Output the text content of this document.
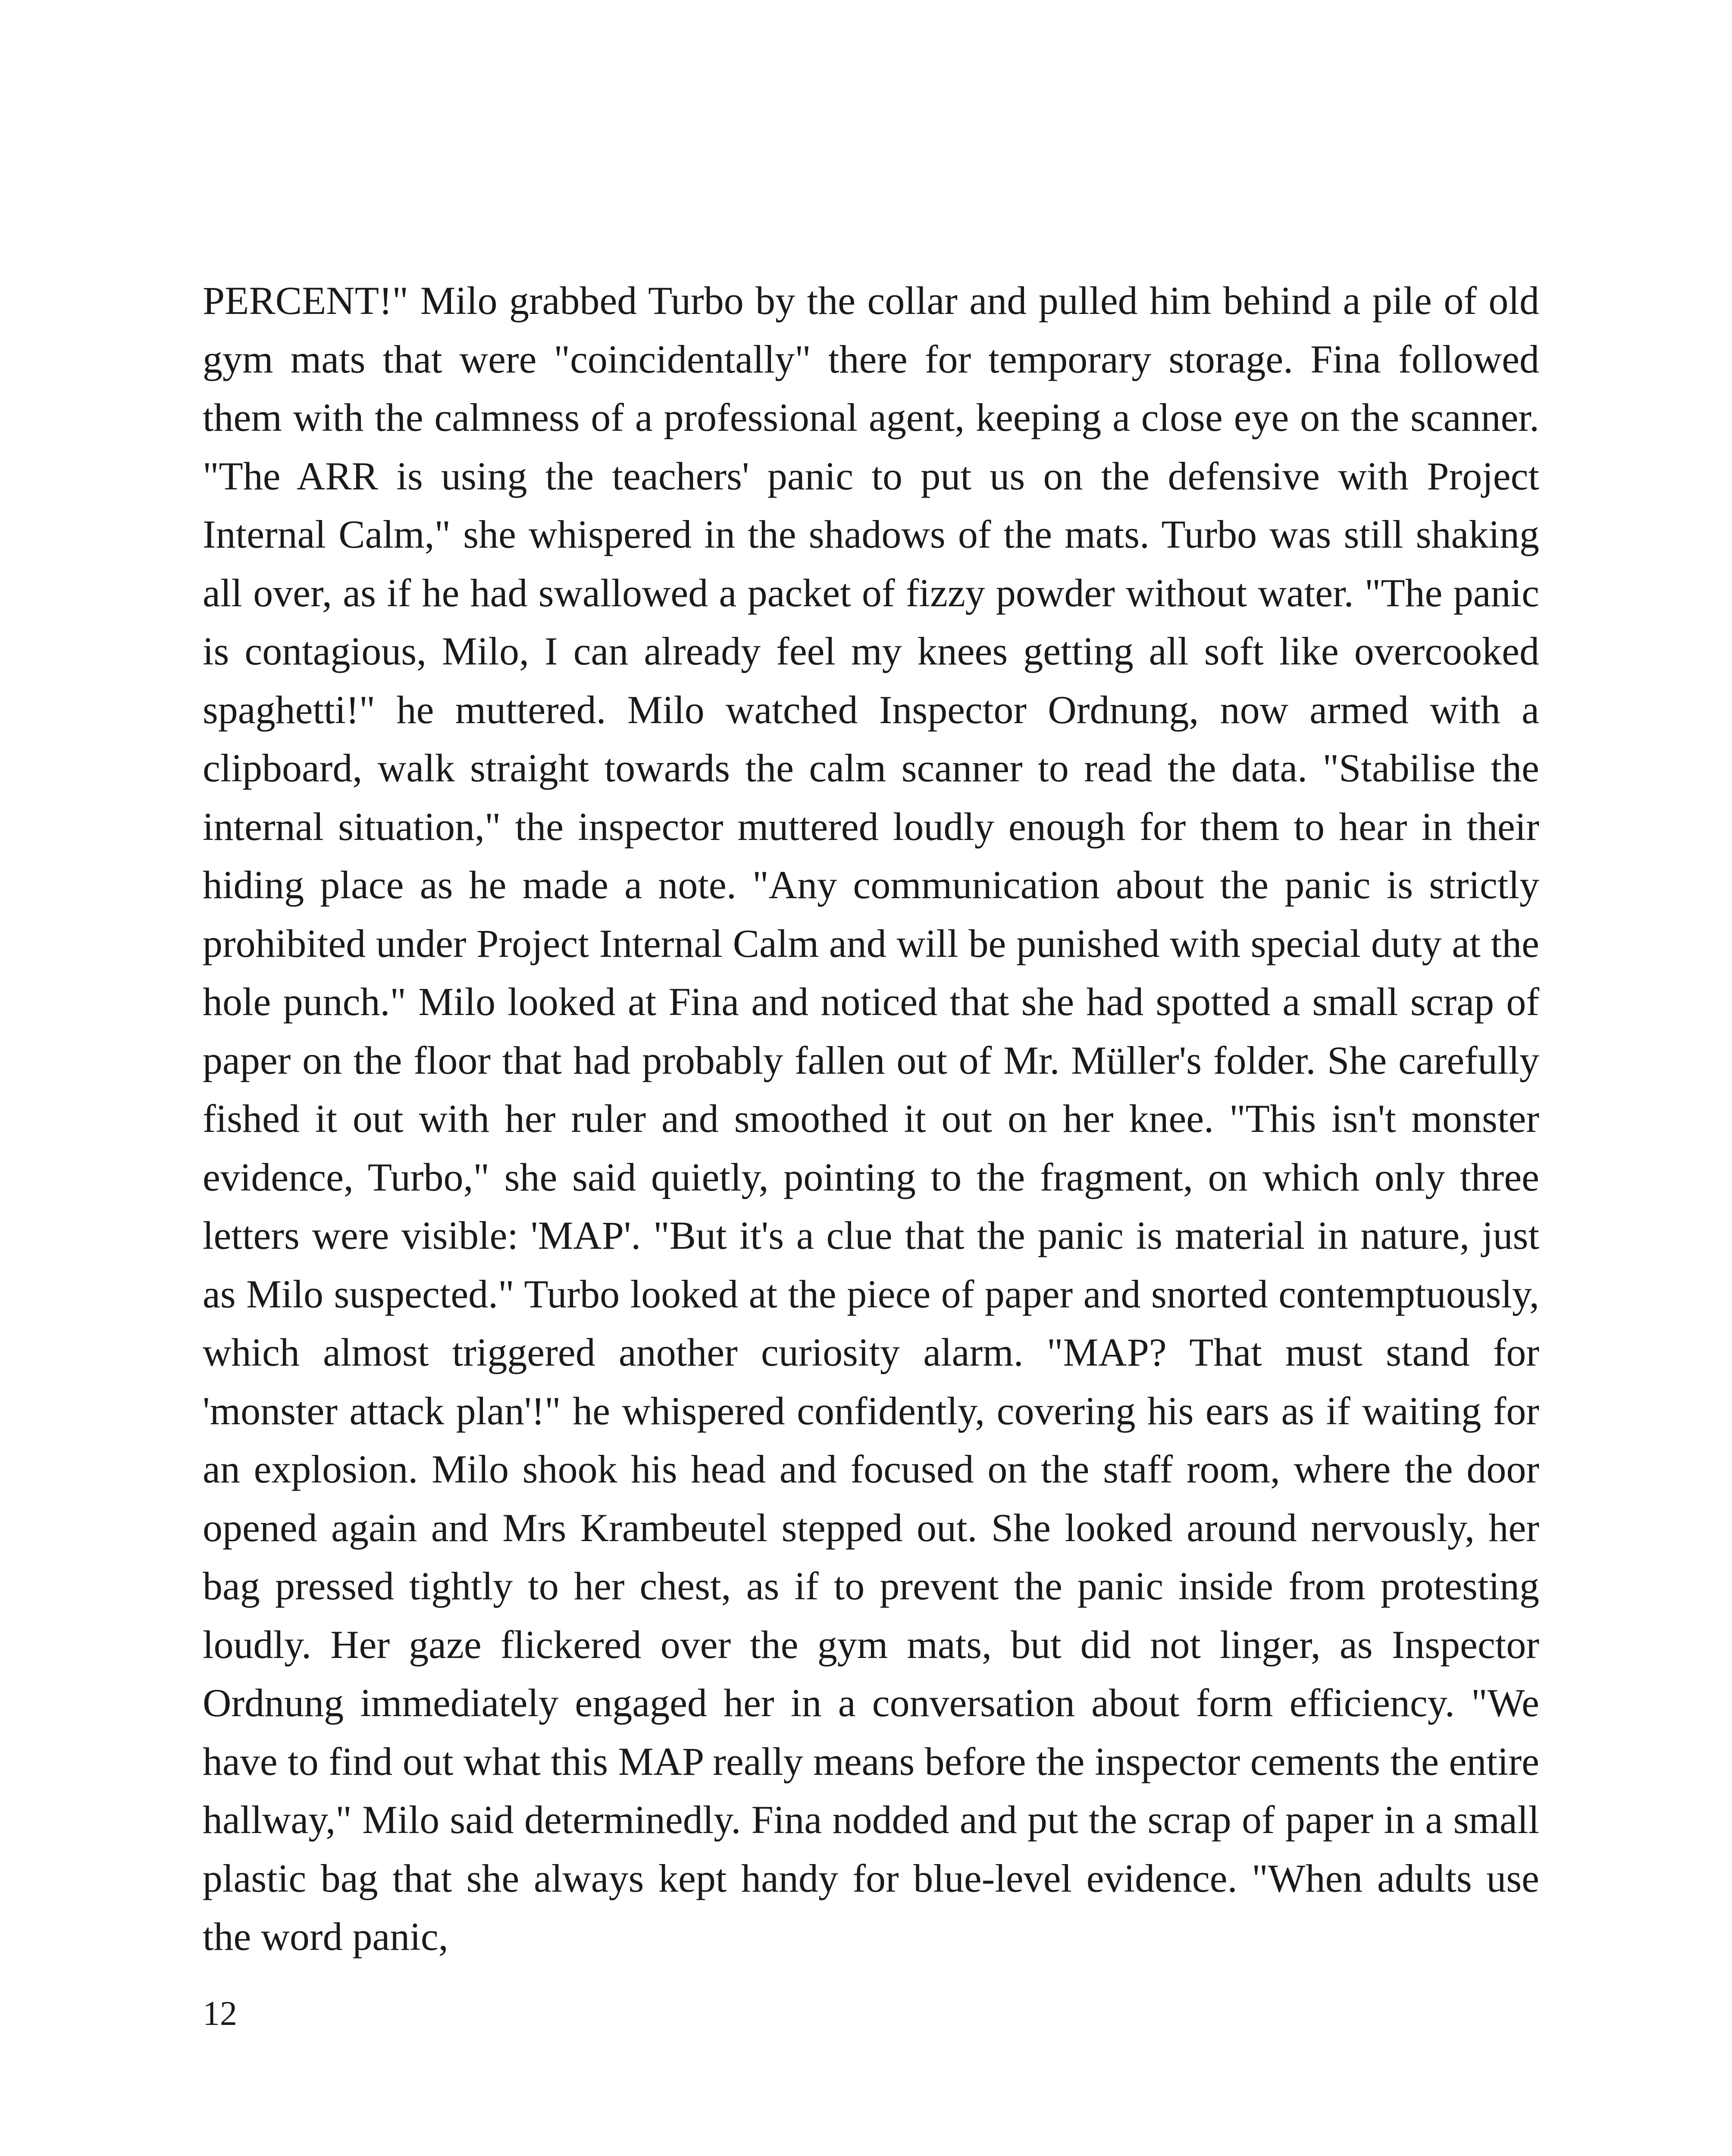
PERCENT!" Milo grabbed Turbo by the collar and pulled him behind a pile of old gym mats that were "coincidentally" there for temporary storage. Fina followed them with the calmness of a professional agent, keeping a close eye on the scanner. "The ARR is using the teachers' panic to put us on the defensive with Project Internal Calm," she whispered in the shadows of the mats. Turbo was still shaking all over, as if he had swallowed a packet of fizzy powder without water. "The panic is contagious, Milo, I can already feel my knees getting all soft like overcooked spaghetti!" he muttered. Milo watched Inspector Ordnung, now armed with a clipboard, walk straight towards the calm scanner to read the data. "Stabilise the internal situation," the inspector muttered loudly enough for them to hear in their hiding place as he made a note. "Any communication about the panic is strictly prohibited under Project Internal Calm and will be punished with special duty at the hole punch." Milo looked at Fina and noticed that she had spotted a small scrap of paper on the floor that had probably fallen out of Mr. Müller's folder. She carefully fished it out with her ruler and smoothed it out on her knee. "This isn't monster evidence, Turbo," she said quietly, pointing to the fragment, on which only three letters were visible: 'MAP'. "But it's a clue that the panic is material in nature, just as Milo suspected." Turbo looked at the piece of paper and snorted contemptuously, which almost triggered another curiosity alarm. "MAP? That must stand for 'monster attack plan'!" he whispered confidently, covering his ears as if waiting for an explosion. Milo shook his head and focused on the staff room, where the door opened again and Mrs Krambeutel stepped out. She looked around nervously, her bag pressed tightly to her chest, as if to prevent the panic inside from protesting loudly. Her gaze flickered over the gym mats, but did not linger, as Inspector Ordnung immediately engaged her in a conversation about form efficiency. "We have to find out what this MAP really means before the inspector cements the entire hallway," Milo said determinedly. Fina nodded and put the scrap of paper in a small plastic bag that she always kept handy for blue-level evidence. "When adults use the word panic,

12
